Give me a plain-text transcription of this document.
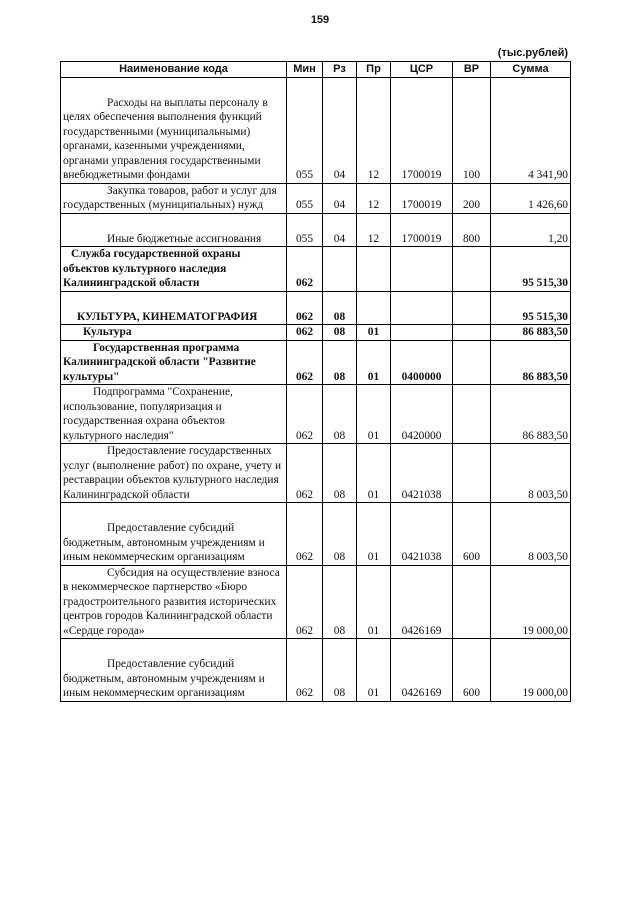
159
(тыс.рублей)
Наименование кода	Мин	Рз	Пр	ЦСР	ВР	Сумма
Расходы на выплаты персоналу в целях обеспечения выполнения функций государственными (муниципальными) органами, казенными учреждениями, органами управления государственными внебюджетными фондами	055	04	12	1700019	100	4 341,90
Закупка товаров, работ и услуг для государственных (муниципальных) нужд	055	04	12	1700019	200	1 426,60
Иные бюджетные ассигнования	055	04	12	1700019	800	1,20
Служба государственной охраны объектов культурного наследия Калининградской области	062					95 515,30
КУЛЬТУРА, КИНЕМАТОГРАФИЯ	062	08				95 515,30
Культура	062	08	01			86 883,50
Государственная программа Калининградской области "Развитие культуры"	062	08	01	0400000		86 883,50
Подпрограмма "Сохранение, использование, популяризация и государственная охрана объектов культурного наследия"	062	08	01	0420000		86 883,50
Предоставление государственных услуг (выполнение работ) по охране, учету и реставрации объектов культурного наследия Калининградской области	062	08	01	0421038		8 003,50
Предоставление субсидий бюджетным, автономным учреждениям и иным некоммерческим организациям	062	08	01	0421038	600	8 003,50
Субсидия на осуществление взноса в некоммерческое партнерство «Бюро градостроительного развития исторических центров городов Калининградской области «Сердце города»	062	08	01	0426169		19 000,00
Предоставление субсидий бюджетным, автономным учреждениям и иным некоммерческим организациям	062	08	01	0426169	600	19 000,00
